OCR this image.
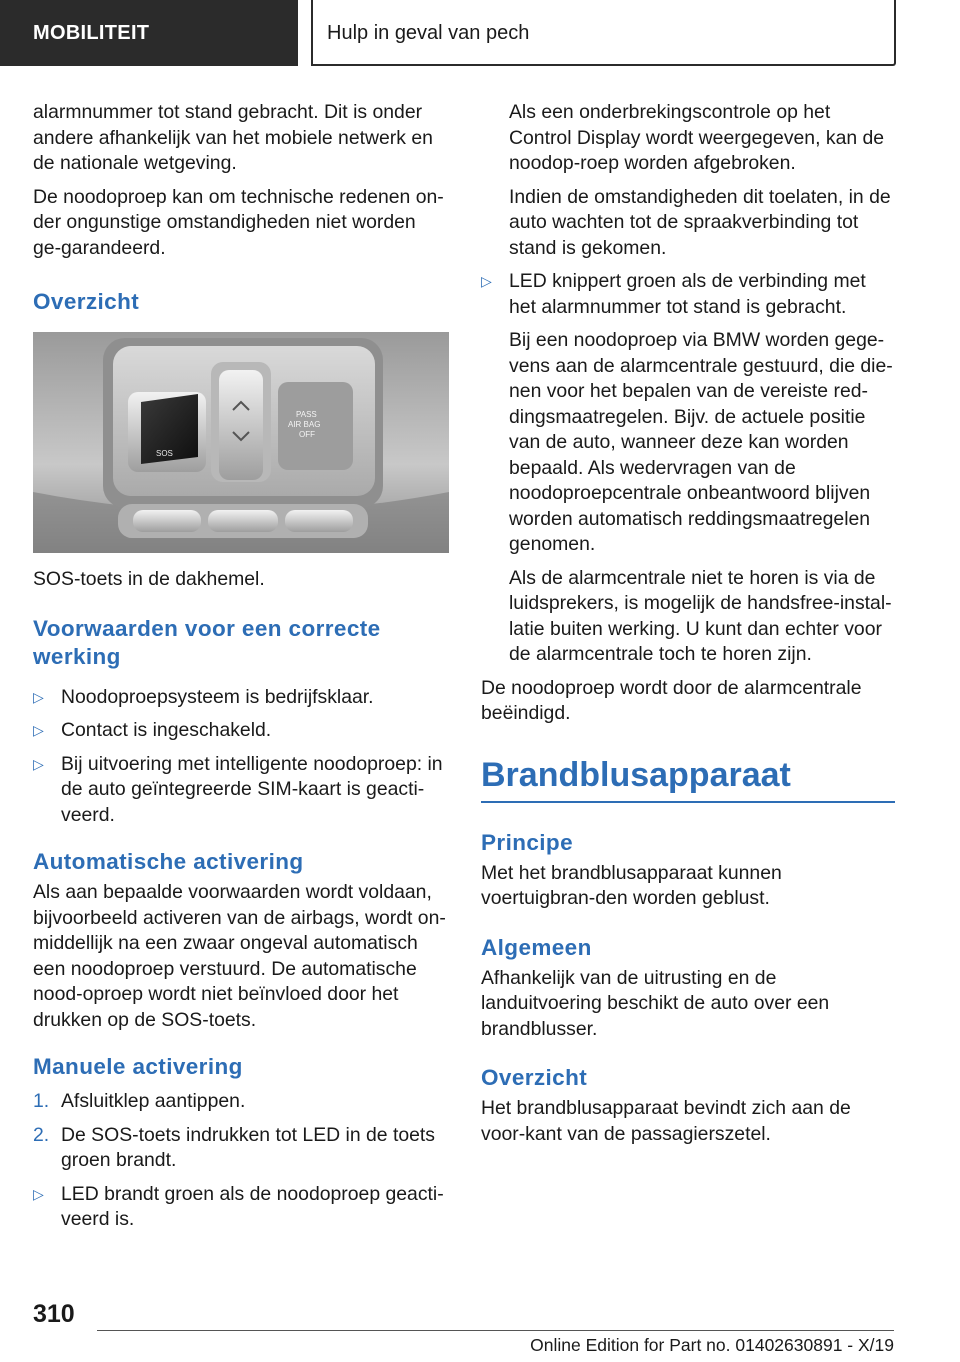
MOBILITEIT	Hulp in geval van pech

alarmnummer tot stand gebracht. Dit is onder andere afhankelijk van het mobiele netwerk en de nationale wetgeving.

De noodoproep kan om technische redenen on‐der ongunstige omstandigheden niet worden ge‐garandeerd.

Overzicht
SOS
PASS
AIR BAG
OFF

SOS-toets in de dakhemel.

Voorwaarden voor een correcte werking
▷ Noodoproepsysteem is bedrijfsklaar.
▷ Contact is ingeschakeld.
▷ Bij uitvoering met intelligente noodoproep: in de auto geïntegreerde SIM-kaart is geacti‐veerd.
Automatische activering

Als aan bepaalde voorwaarden wordt voldaan, bijvoorbeeld activeren van de airbags, wordt on‐middellijk na een zwaar ongeval automatisch een noodoproep verstuurd. De automatische nood‐oproep wordt niet beïnvloed door het drukken op de SOS-toets.

Manuele activering
1. Afsluitklep aantippen.
2. De SOS-toets indrukken tot LED in de toets groen brandt.
▷ LED brandt groen als de noodoproep geacti‐veerd is.

Als een onderbrekingscontrole op het Control Display wordt weergegeven, kan de noodop‐roep worden afgebroken.

Indien de omstandigheden dit toelaten, in de auto wachten tot de spraakverbinding tot stand is gekomen.

▷ LED knippert groen als de verbinding met het alarmnummer tot stand is gebracht.

Bij een noodoproep via BMW worden gege‐vens aan de alarmcentrale gestuurd, die die‐nen voor het bepalen van de vereiste red‐dingsmaatregelen. Bijv. de actuele positie van de auto, wanneer deze kan worden bepaald. Als wedervragen van de noodoproepcentrale onbeantwoord blijven worden automatisch reddingsmaatregelen genomen.

Als de alarmcentrale niet te horen is via de luidsprekers, is mogelijk de handsfree-instal‐latie buiten werking. U kunt dan echter voor de alarmcentrale toch te horen zijn.

De noodoproep wordt door de alarmcentrale beëindigd.

Brandblusapparaat
Principe

Met het brandblusapparaat kunnen voertuigbran‐den worden geblust.

Algemeen

Afhankelijk van de uitrusting en de landuitvoering beschikt de auto over een brandblusser.

Overzicht

Het brandblusapparaat bevindt zich aan de voor‐kant van de passagierszetel.

310
Online Edition for Part no. 01402630891 - X/19
